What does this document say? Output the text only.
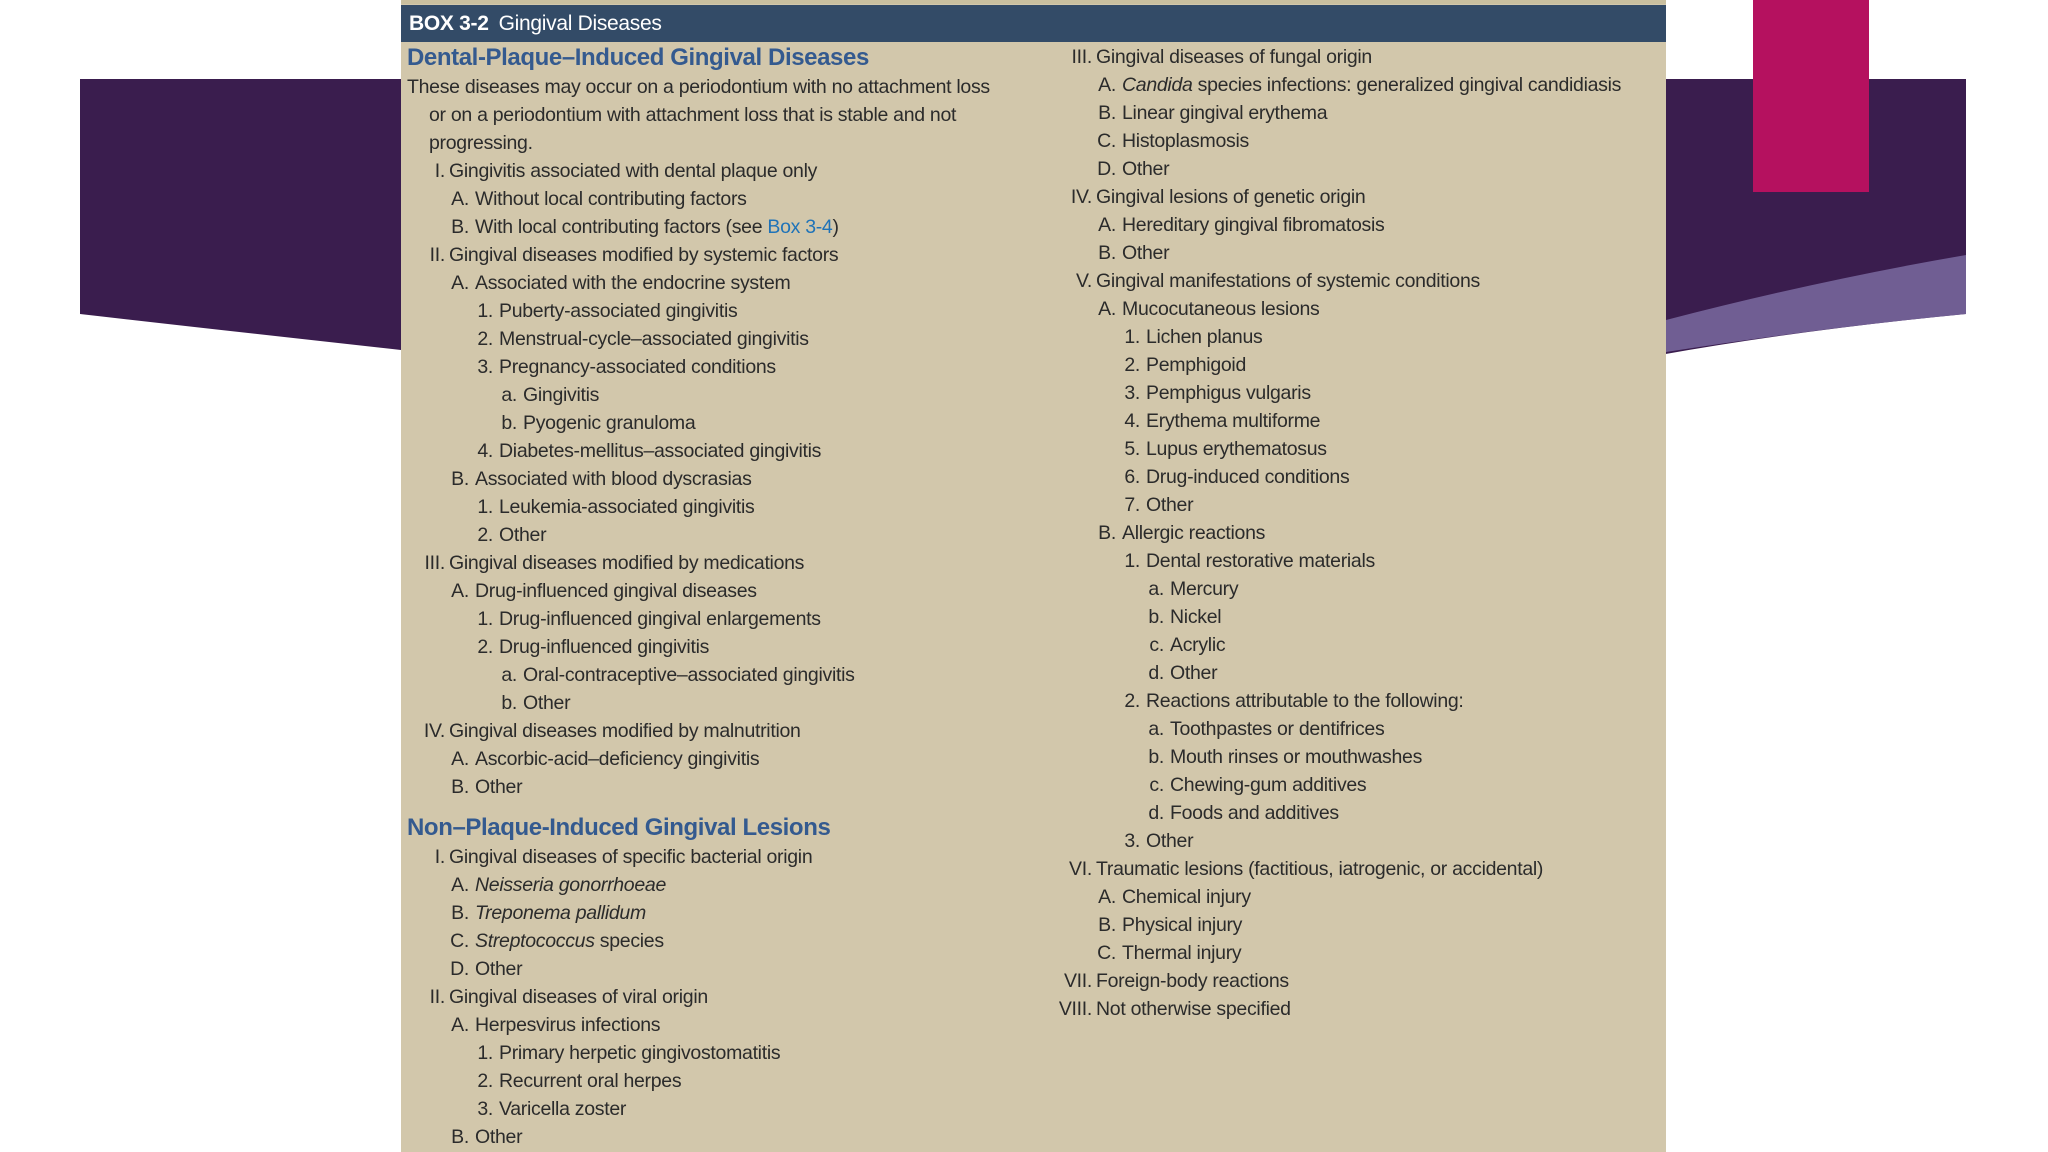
BOX 3-2 Gingival Diseases
Dental-Plaque–Induced Gingival Diseases
These diseases may occur on a periodontium with no attachment loss
or on a periodontium with attachment loss that is stable and not progressing.
I. Gingivitis associated with dental plaque only
A. Without local contributing factors
B. With local contributing factors (see Box 3-4)
II. Gingival diseases modified by systemic factors
A. Associated with the endocrine system
1. Puberty-associated gingivitis
2. Menstrual-cycle–associated gingivitis
3. Pregnancy-associated conditions
a. Gingivitis
b. Pyogenic granuloma
4. Diabetes-mellitus–associated gingivitis
B. Associated with blood dyscrasias
1. Leukemia-associated gingivitis
2. Other
III. Gingival diseases modified by medications
A. Drug-influenced gingival diseases
1. Drug-influenced gingival enlargements
2. Drug-influenced gingivitis
a. Oral-contraceptive–associated gingivitis
b. Other
IV. Gingival diseases modified by malnutrition
A. Ascorbic-acid–deficiency gingivitis
B. Other
Non–Plaque-Induced Gingival Lesions
I. Gingival diseases of specific bacterial origin
A. Neisseria gonorrhoeae
B. Treponema pallidum
C. Streptococcus species
D. Other
II. Gingival diseases of viral origin
A. Herpesvirus infections
1. Primary herpetic gingivostomatitis
2. Recurrent oral herpes
3. Varicella zoster
B. Other
III. Gingival diseases of fungal origin
A. Candida species infections: generalized gingival candidiasis
B. Linear gingival erythema
C. Histoplasmosis
D. Other
IV. Gingival lesions of genetic origin
A. Hereditary gingival fibromatosis
B. Other
V. Gingival manifestations of systemic conditions
A. Mucocutaneous lesions
1. Lichen planus
2. Pemphigoid
3. Pemphigus vulgaris
4. Erythema multiforme
5. Lupus erythematosus
6. Drug-induced conditions
7. Other
B. Allergic reactions
1. Dental restorative materials
a. Mercury
b. Nickel
c. Acrylic
d. Other
2. Reactions attributable to the following:
a. Toothpastes or dentifrices
b. Mouth rinses or mouthwashes
c. Chewing-gum additives
d. Foods and additives
3. Other
VI. Traumatic lesions (factitious, iatrogenic, or accidental)
A. Chemical injury
B. Physical injury
C. Thermal injury
VII. Foreign-body reactions
VIII. Not otherwise specified
